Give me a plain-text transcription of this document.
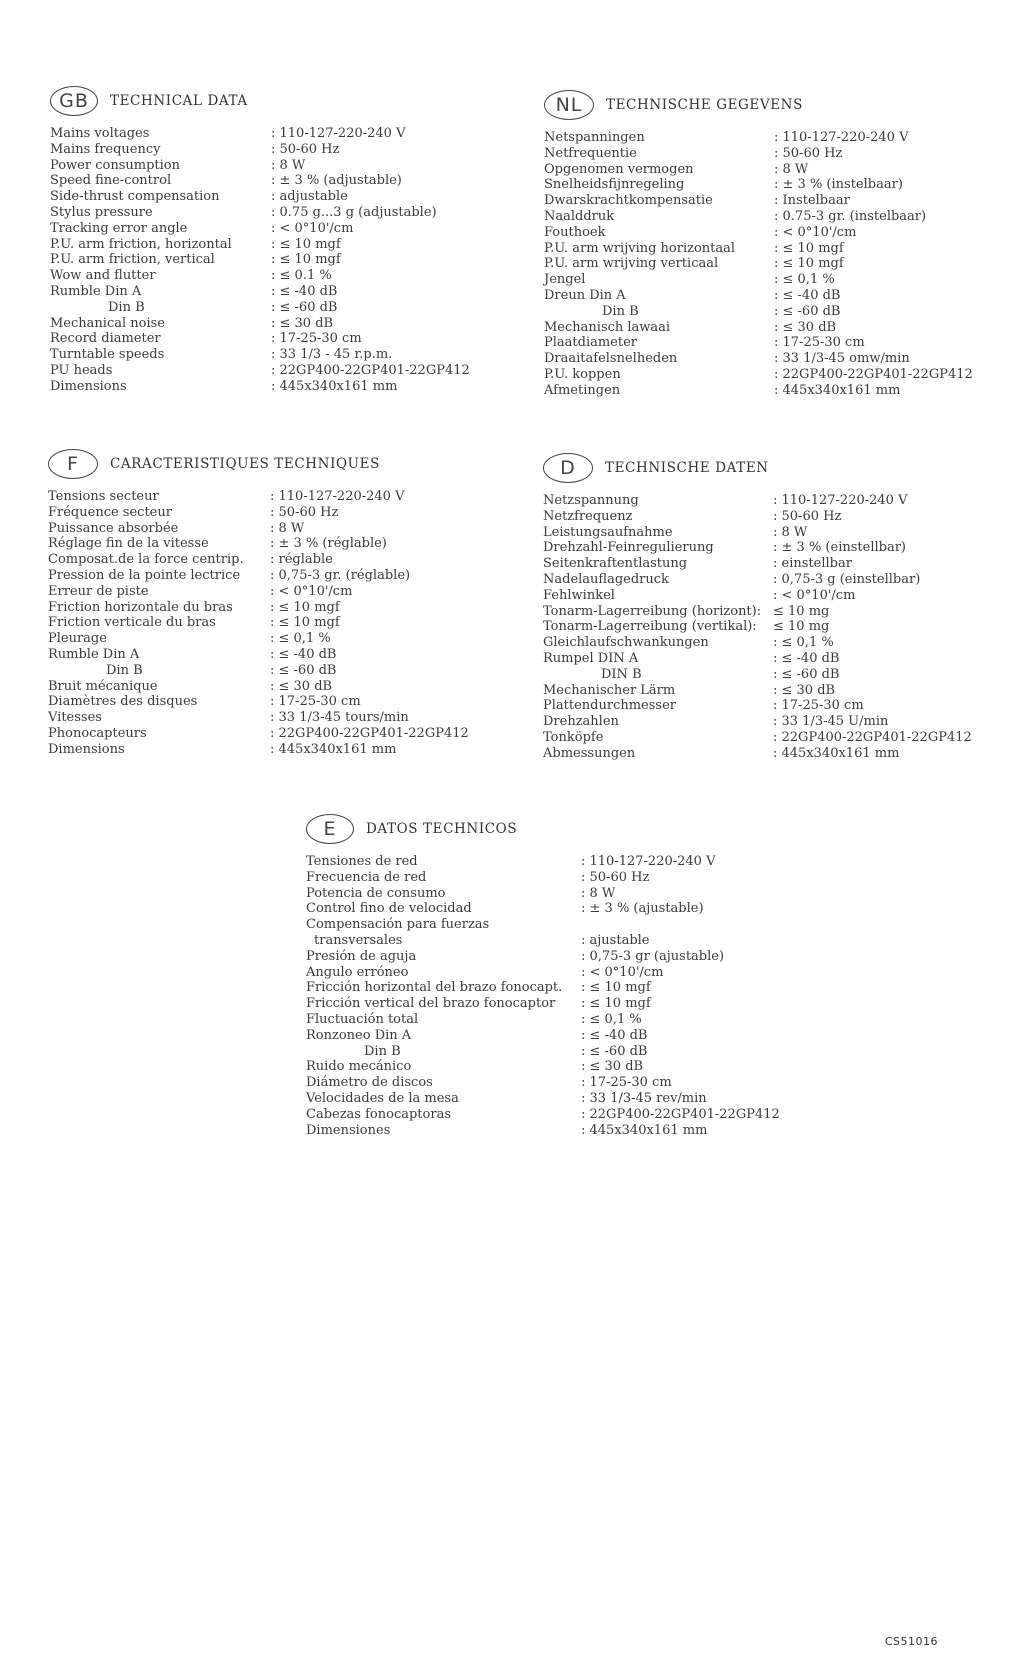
GB	TECHNICAL DATA
Mains voltages	: 110-127-220-240 V
Mains frequency	: 50-60 Hz
Power consumption	: 8 W
Speed fine-control	: ± 3 % (adjustable)
Side-thrust compensation	: adjustable
Stylus pressure	: 0.75 g...3 g (adjustable)
Tracking error angle	: < 0°10'/cm
P.U. arm friction, horizontal	: ≤ 10 mgf
P.U. arm friction, vertical	: ≤ 10 mgf
Wow and flutter	: ≤ 0.1 %
Rumble Din A	: ≤ -40 dB
Din B	: ≤ -60 dB
Mechanical noise	: ≤ 30 dB
Record diameter	: 17-25-30 cm
Turntable speeds	: 33 1/3 - 45 r.p.m.
PU heads	: 22GP400-22GP401-22GP412
Dimensions	: 445x340x161 mm
NL	TECHNISCHE GEGEVENS
Netspanningen	: 110-127-220-240 V
Netfrequentie	: 50-60 Hz
Opgenomen vermogen	: 8 W
Snelheidsfijnregeling	: ± 3 % (instelbaar)
Dwarskrachtkompensatie	: Instelbaar
Naalddruk	: 0.75-3 gr. (instelbaar)
Fouthoek	: < 0°10'/cm
P.U. arm wrijving horizontaal	: ≤ 10 mgf
P.U. arm wrijving verticaal	: ≤ 10 mgf
Jengel	: ≤ 0,1 %
Dreun Din A	: ≤ -40 dB
Din B	: ≤ -60 dB
Mechanisch lawaai	: ≤ 30 dB
Plaatdiameter	: 17-25-30 cm
Draaitafelsnelheden	: 33 1/3-45 omw/min
P.U. koppen	: 22GP400-22GP401-22GP412
Afmetingen	: 445x340x161 mm
F	CARACTERISTIQUES TECHNIQUES
Tensions secteur	: 110-127-220-240 V
Fréquence secteur	: 50-60 Hz
Puissance absorbée	: 8 W
Réglage fin de la vitesse	: ± 3 % (réglable)
Composat.de la force centrip.	: réglable
Pression de la pointe lectrice	: 0,75-3 gr. (réglable)
Erreur de piste	: < 0°10'/cm
Friction horizontale du bras	: ≤ 10 mgf
Friction verticale du bras	: ≤ 10 mgf
Pleurage	: ≤ 0,1 %
Rumble Din A	: ≤ -40 dB
Din B	: ≤ -60 dB
Bruit mécanique	: ≤ 30 dB
Diamètres des disques	: 17-25-30 cm
Vitesses	: 33 1/3-45 tours/min
Phonocapteurs	: 22GP400-22GP401-22GP412
Dimensions	: 445x340x161 mm
D	TECHNISCHE DATEN
Netzspannung	: 110-127-220-240 V
Netzfrequenz	: 50-60 Hz
Leistungsaufnahme	: 8 W
Drehzahl-Feinregulierung	: ± 3 % (einstellbar)
Seitenkraftentlastung	: einstellbar
Nadelauflagedruck	: 0,75-3 g (einstellbar)
Fehlwinkel	: < 0°10'/cm
Tonarm-Lagerreibung (horizont): ≤ 10 mg
Tonarm-Lagerreibung (vertikal): ≤ 10 mg
Gleichlaufschwankungen	: ≤ 0,1 %
Rumpel DIN A	: ≤ -40 dB
DIN B	: ≤ -60 dB
Mechanischer Lärm	: ≤ 30 dB
Plattendurchmesser	: 17-25-30 cm
Drehzahlen	: 33 1/3-45 U/min
Tonköpfe	: 22GP400-22GP401-22GP412
Abmessungen	: 445x340x161 mm
E	DATOS TECHNICOS
Tensiones de red	: 110-127-220-240 V
Frecuencia de red	: 50-60 Hz
Potencia de consumo	: 8 W
Control fino de velocidad	: ± 3 % (ajustable)
Compensación para fuerzas
transversales	: ajustable
Presión de aguja	: 0,75-3 gr (ajustable)
Angulo erróneo	: < 0°10'/cm
Fricción horizontal del brazo fonocapt.	: ≤ 10 mgf
Fricción vertical del brazo fonocaptor	: ≤ 10 mgf
Fluctuación total	: ≤ 0,1 %
Ronzoneo Din A	: ≤ -40 dB
Din B	: ≤ -60 dB
Ruido mecánico	: ≤ 30 dB
Diámetro de discos	: 17-25-30 cm
Velocidades de la mesa	: 33 1/3-45 rev/min
Cabezas fonocaptoras	: 22GP400-22GP401-22GP412
Dimensiones	: 445x340x161 mm
CS51016
